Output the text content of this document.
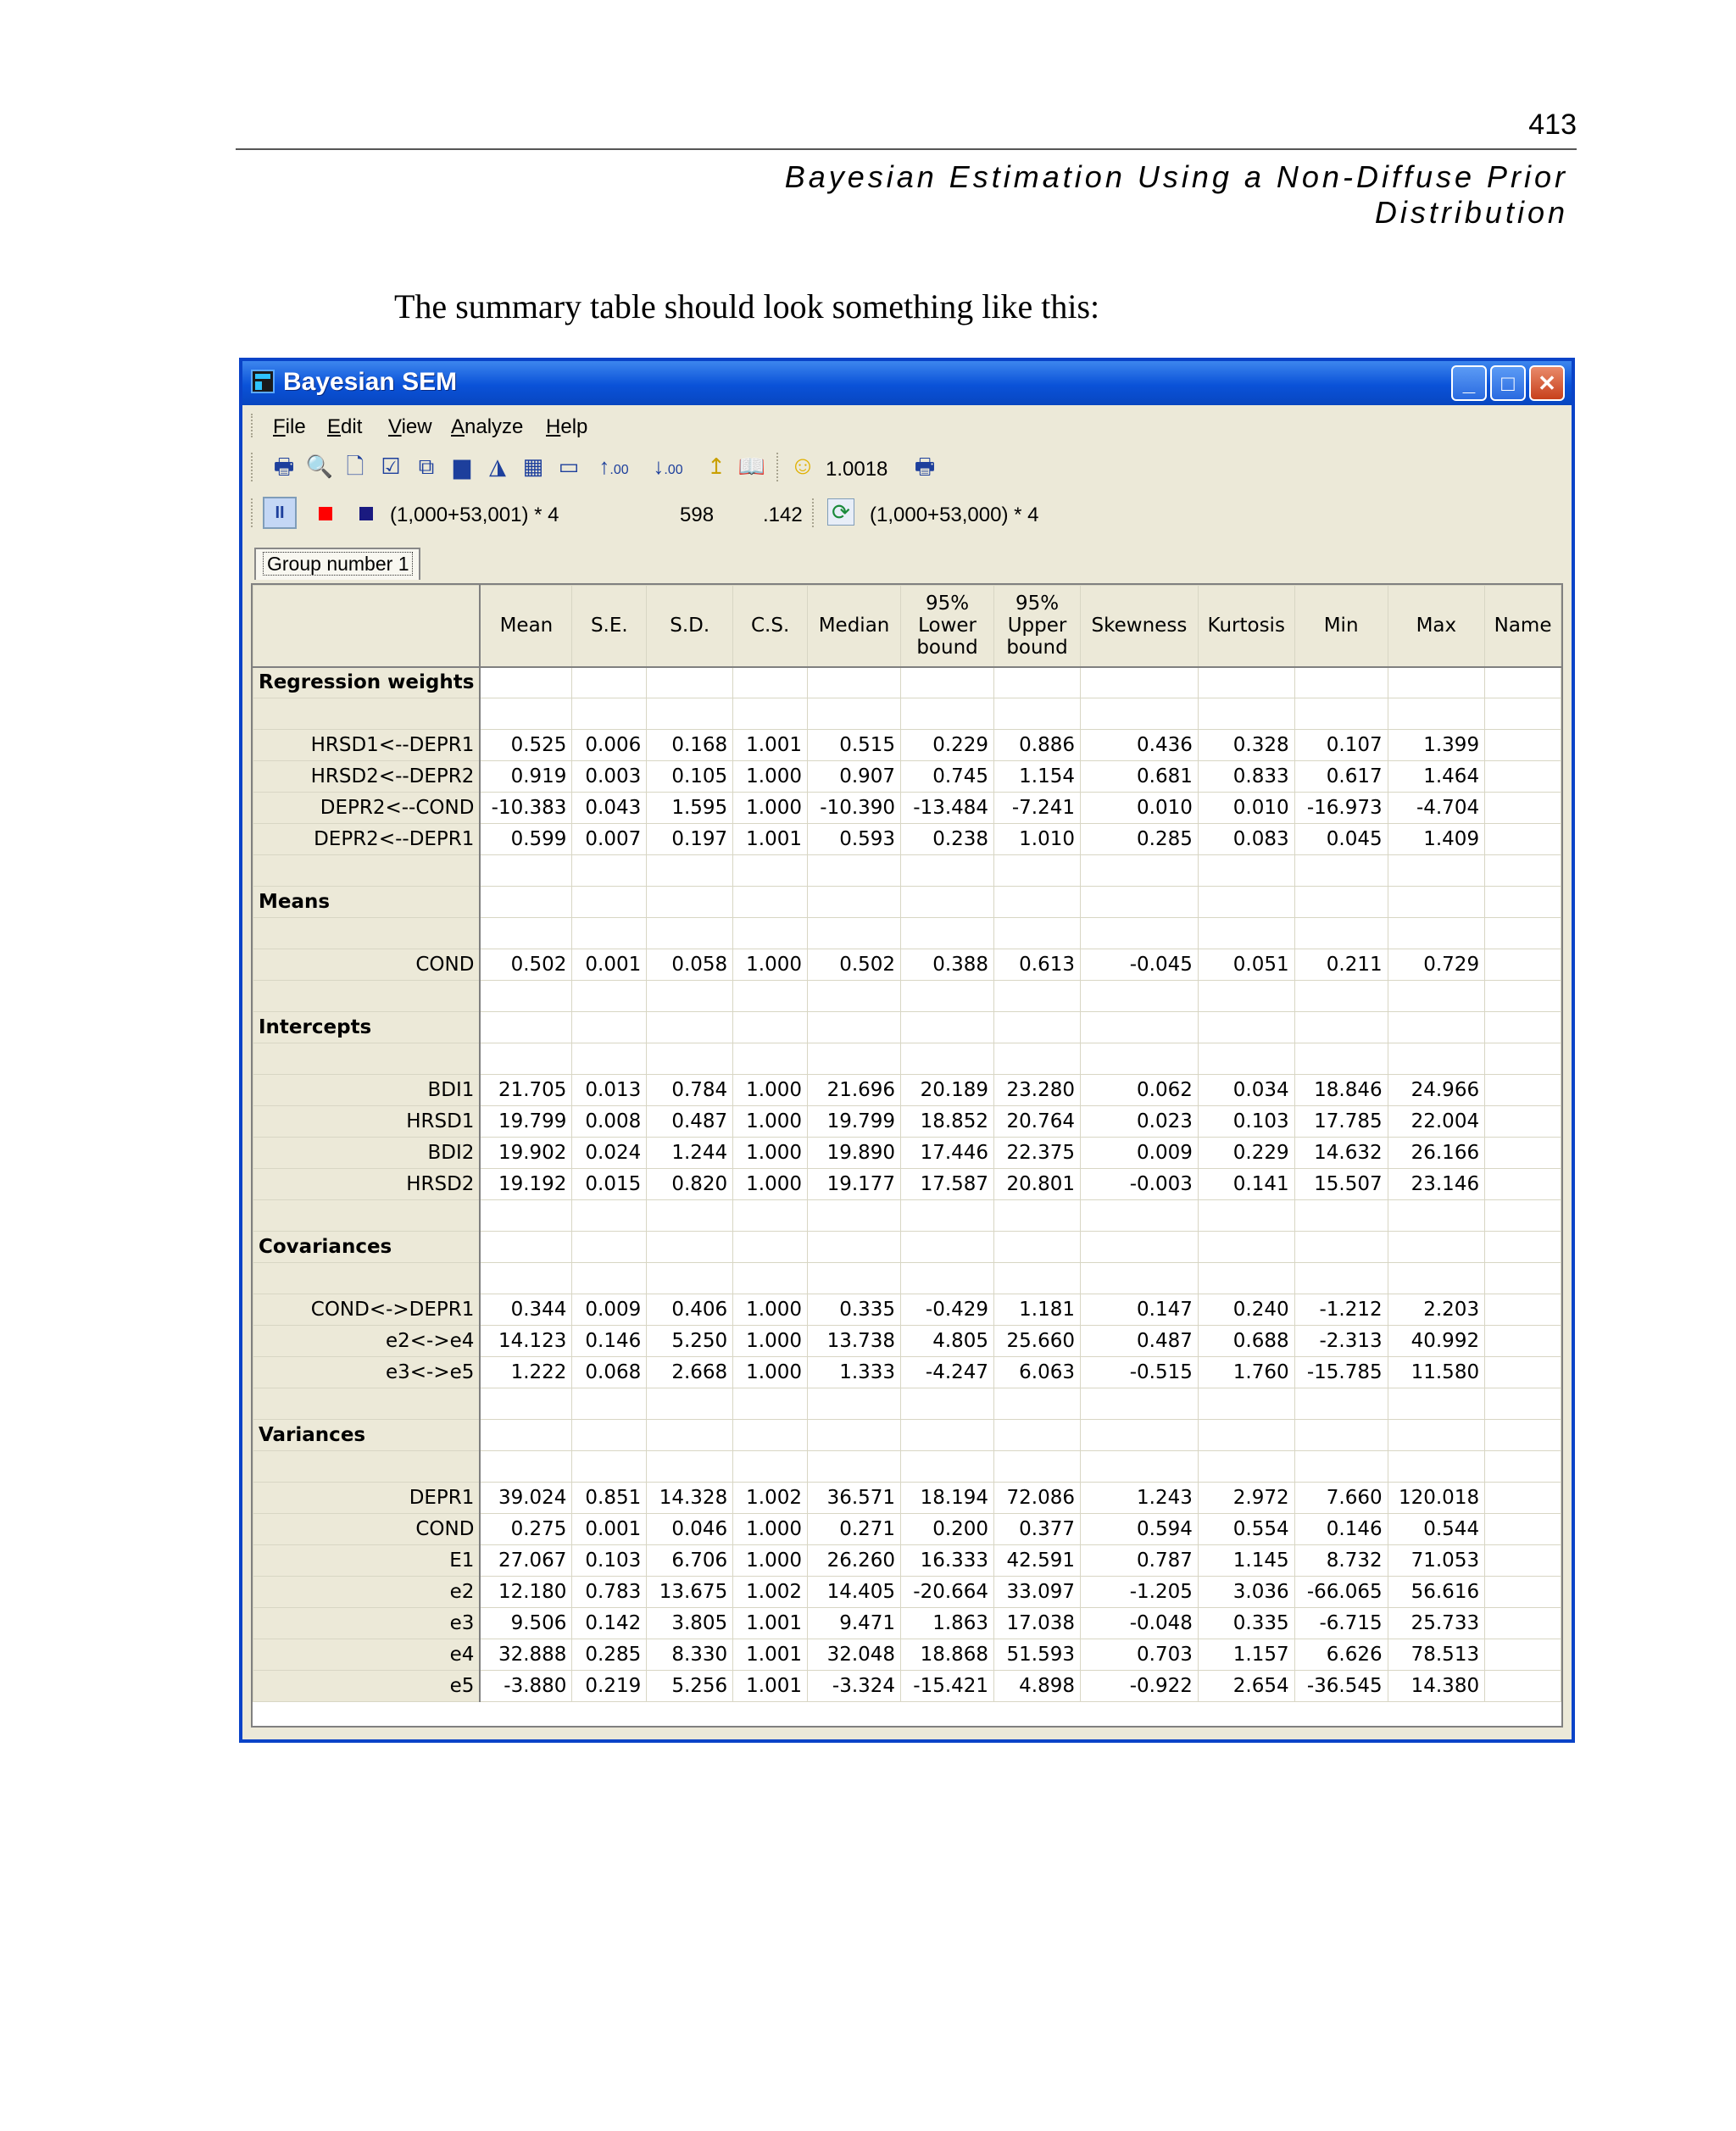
413
Bayesian Estimation Using a Non-Diffuse Prior Distribution
The summary table should look something like this:
Bayesian SEM	_	□	✕
File Edit View Analyze Help
🖶 🔍 🗋 ☑ ⧉ ▆ ◮ ▦ ▭ ↑.00	↓.00	↥ 📖 ☺ 1.0018 🖶
II	(1,000+53,001) * 4	598 .142 ⟳ (1,000+53,000) * 4
Group number 1
	Mean	S.E.	S.D.	C.S.	Median	95% Lower bound	95% Upper bound	Skewness	Kurtosis	Min	Max	Name
Regression weights												

HRSD1<--DEPR1	0.525	0.006	0.168	1.001	0.515	0.229	0.886	0.436	0.328	0.107	1.399	
HRSD2<--DEPR2	0.919	0.003	0.105	1.000	0.907	0.745	1.154	0.681	0.833	0.617	1.464	
DEPR2<--COND	-10.383	0.043	1.595	1.000	-10.390	-13.484	-7.241	0.010	0.010	-16.973	-4.704	
DEPR2<--DEPR1	0.599	0.007	0.197	1.001	0.593	0.238	1.010	0.285	0.083	0.045	1.409	

Means												

COND	0.502	0.001	0.058	1.000	0.502	0.388	0.613	-0.045	0.051	0.211	0.729	

Intercepts												

BDI1	21.705	0.013	0.784	1.000	21.696	20.189	23.280	0.062	0.034	18.846	24.966	
HRSD1	19.799	0.008	0.487	1.000	19.799	18.852	20.764	0.023	0.103	17.785	22.004	
BDI2	19.902	0.024	1.244	1.000	19.890	17.446	22.375	0.009	0.229	14.632	26.166	
HRSD2	19.192	0.015	0.820	1.000	19.177	17.587	20.801	-0.003	0.141	15.507	23.146	

Covariances												

COND<->DEPR1	0.344	0.009	0.406	1.000	0.335	-0.429	1.181	0.147	0.240	-1.212	2.203	
e2<->e4	14.123	0.146	5.250	1.000	13.738	4.805	25.660	0.487	0.688	-2.313	40.992	
e3<->e5	1.222	0.068	2.668	1.000	1.333	-4.247	6.063	-0.515	1.760	-15.785	11.580	

Variances												

DEPR1	39.024	0.851	14.328	1.002	36.571	18.194	72.086	1.243	2.972	7.660	120.018	
COND	0.275	0.001	0.046	1.000	0.271	0.200	0.377	0.594	0.554	0.146	0.544	
E1	27.067	0.103	6.706	1.000	26.260	16.333	42.591	0.787	1.145	8.732	71.053	
e2	12.180	0.783	13.675	1.002	14.405	-20.664	33.097	-1.205	3.036	-66.065	56.616	
e3	9.506	0.142	3.805	1.001	9.471	1.863	17.038	-0.048	0.335	-6.715	25.733	
e4	32.888	0.285	8.330	1.001	32.048	18.868	51.593	0.703	1.157	6.626	78.513	
e5	-3.880	0.219	5.256	1.001	-3.324	-15.421	4.898	-0.922	2.654	-36.545	14.380	
